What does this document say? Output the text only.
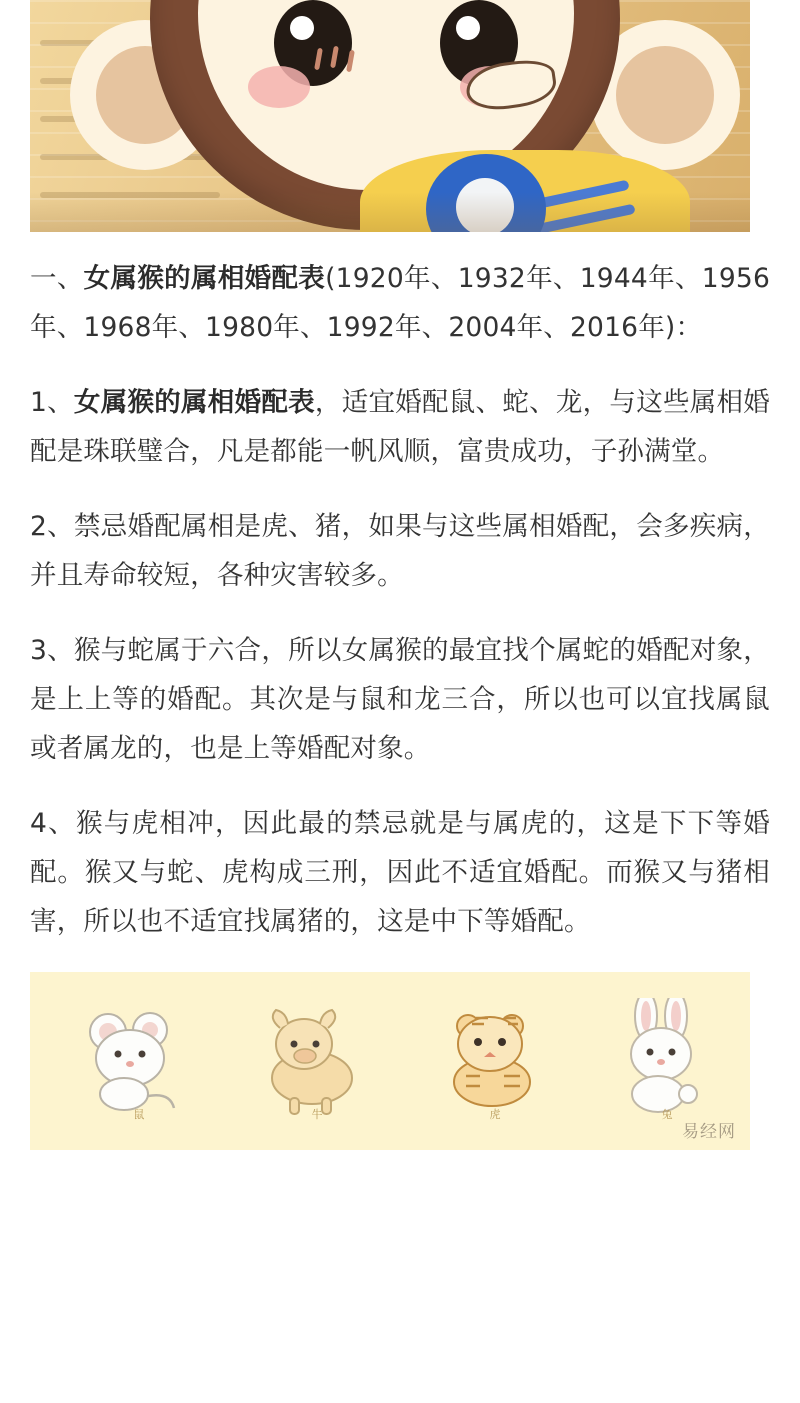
一、女属猴的属相婚配表(1920年、1932年、1944年、1956年、1968年、1980年、1992年、2004年、2016年)：

1、女属猴的属相婚配表，适宜婚配鼠、蛇、龙，与这些属相婚配是珠联璧合，凡是都能一帆风顺，富贵成功，子孙满堂。

2、禁忌婚配属相是虎、猪，如果与这些属相婚配，会多疾病，并且寿命较短，各种灾害较多。

3、猴与蛇属于六合，所以女属猴的最宜找个属蛇的婚配对象，是上上等的婚配。其次是与鼠和龙三合，所以也可以宜找属鼠或者属龙的，也是上等婚配对象。

4、猴与虎相冲，因此最的禁忌就是与属虎的，这是下下等婚配。猴又与蛇、虎构成三刑，因此不适宜婚配。而猴又与猪相害，所以也不适宜找属猪的，这是中下等婚配。

鼠	牛	虎	兔
易经网
